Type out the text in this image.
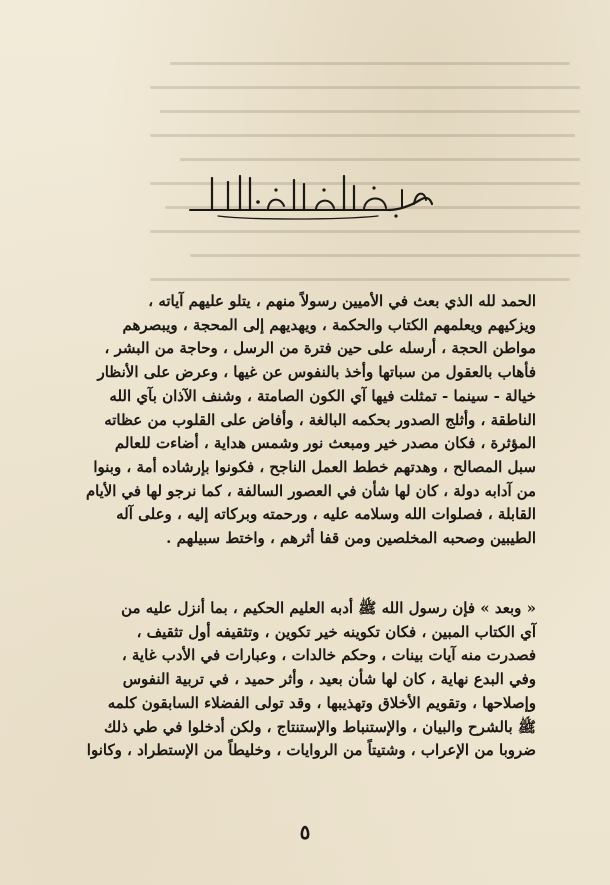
الحمد لله الذي بعث في الأميين رسولاً منهم ، يتلو عليهم آياته ،
ويزكيهم ويعلمهم الكتاب والحكمة ، ويهديهم إلى المحجة ، ويبصرهم
مواطن الحجة ، أرسله على حين فترة من الرسل ، وحاجة من البشر ،
فأهاب بالعقول من سباتها وأخذ بالنفوس عن غيها ، وعرض على الأنظار
خيالة - سينما - تمثلت فيها آي الكون الصامتة ، وشنف الآذان بآي الله
الناطقة ، وأثلج الصدور بحكمه البالغة ، وأفاض على القلوب من عظاته
المؤثرة ، فكان مصدر خير ومبعث نور وشمس هداية ، أضاءت للعالم
سبل المصالح ، وهدتهم خطط العمل الناجح ، فكونوا بإرشاده أمة ، وبنوا
من آدابه دولة ، كان لها شأن في العصور السالفة ، كما نرجو لها في الأيام
القابلة ، فصلوات الله وسلامه عليه ، ورحمته وبركاته إليه ، وعلى آله
الطيبين وصحبه المخلصين ومن قفا أثرهم ، واختط سبيلهم .
« وبعد » فإن رسول الله ﷺ أدبه العليم الحكيم ، بما أنزل عليه من
آي الكتاب المبين ، فكان تكوينه خير تكوين ، وتثقيفه أول تثقيف ،
فصدرت منه آيات بينات ، وحكم خالدات ، وعبارات في الأدب غاية ،
وفي البدع نهاية ، كان لها شأن بعيد ، وأثر حميد ، في تربية النفوس
وإصلاحها ، وتقويم الأخلاق وتهذيبها ، وقد تولى الفضلاء السابقون كلمه
ﷺ بالشرح والبيان ، والإستنباط والإستنتاج ، ولكن أدخلوا في طي ذلك
ضروبا من الإعراب ، وشتيتاً من الروايات ، وخليطاً من الإستطراد ، وكانوا
٥
